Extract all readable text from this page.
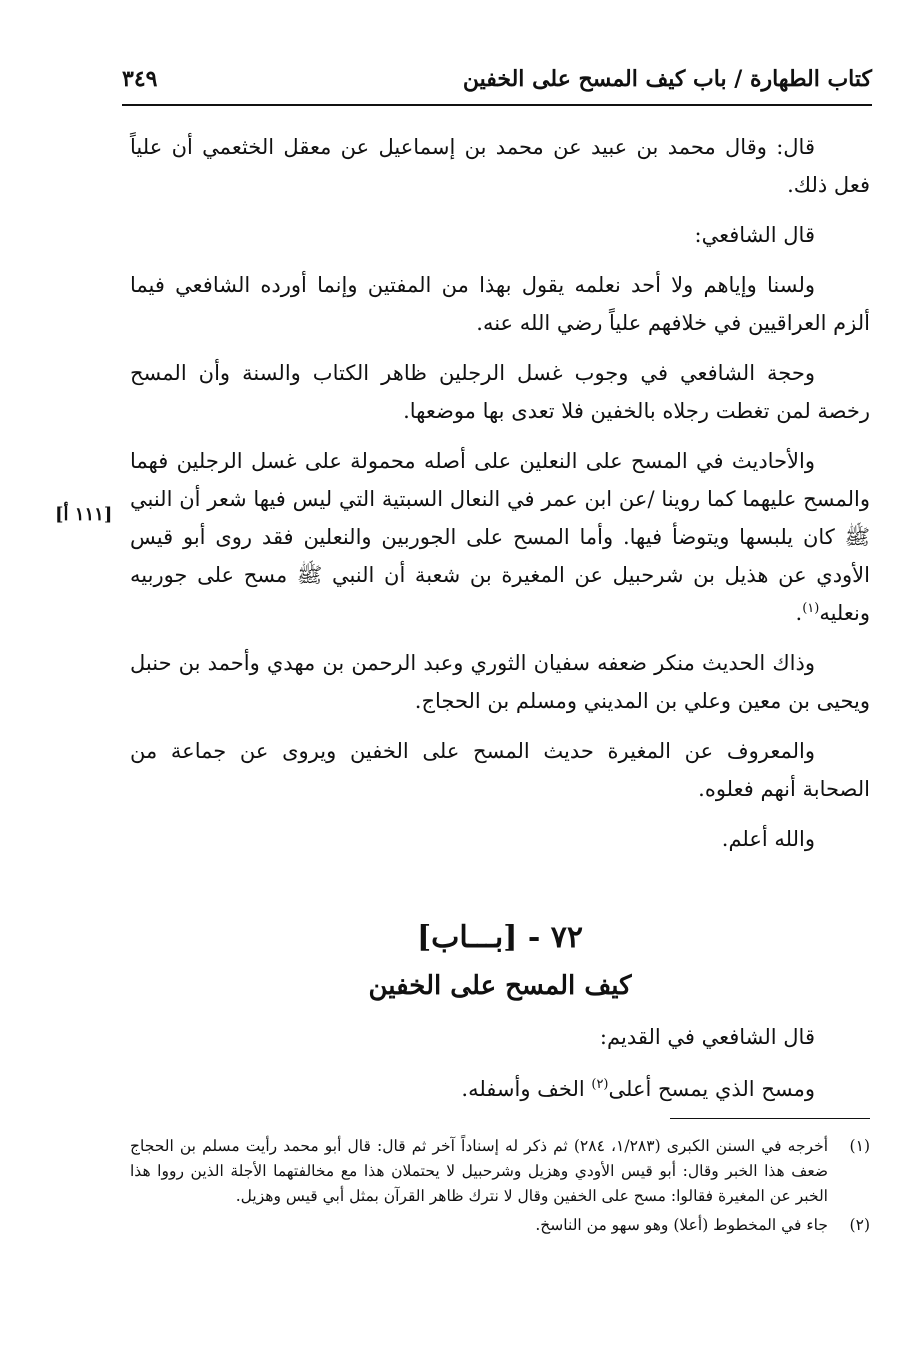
كتاب الطهارة / باب كيف المسح على الخفين
٣٤٩
[١١١ أ]

قال: وقال محمد بن عبيد عن محمد بن إسماعيل عن معقل الخثعمي أن علياً فعل ذلك.

قال الشافعي:

ولسنا وإياهم ولا أحد نعلمه يقول بهذا من المفتين وإنما أورده الشافعي فيما ألزم العراقيين في خلافهم علياً رضي الله عنه.

وحجة الشافعي في وجوب غسل الرجلين ظاهر الكتاب والسنة وأن المسح رخصة لمن تغطت رجلاه بالخفين فلا تعدى بها موضعها.

والأحاديث في المسح على النعلين على أصله محمولة على غسل الرجلين فهما والمسح عليهما كما روينا /عن ابن عمر في النعال السبتية التي ليس فيها شعر أن النبي ﷺ كان يلبسها ويتوضأ فيها. وأما المسح على الجوربين والنعلين فقد روى أبو قيس الأودي عن هذيل بن شرحبيل عن المغيرة بن شعبة أن النبي ﷺ مسح على جوربيه ونعليه$^{(١)}$.

وذاك الحديث منكر ضعفه سفيان الثوري وعبد الرحمن بن مهدي وأحمد بن حنبل ويحيى بن معين وعلي بن المديني ومسلم بن الحجاج.

والمعروف عن المغيرة حديث المسح على الخفين ويروى عن جماعة من الصحابة أنهم فعلوه.

والله أعلم.

٧٢ - [بـــاب]
كيف المسح على الخفين

قال الشافعي في القديم:

ومسح الذي يمسح أعلى$^{(٢)}$ الخف وأسفله.

(١)
أخرجه في السنن الكبرى (١/٢٨٣، ٢٨٤) ثم ذكر له إسناداً آخر ثم قال: قال أبو محمد رأيت مسلم بن الحجاج ضعف هذا الخبر وقال: أبو قيس الأودي وهزيل وشرحبيل لا يحتملان هذا مع مخالفتهما الأجلة الذين رووا هذا الخبر عن المغيرة فقالوا: مسح على الخفين وقال لا نترك ظاهر القرآن بمثل أبي قيس وهزيل.
(٢)
جاء في المخطوط (أعلا) وهو سهو من الناسخ.
